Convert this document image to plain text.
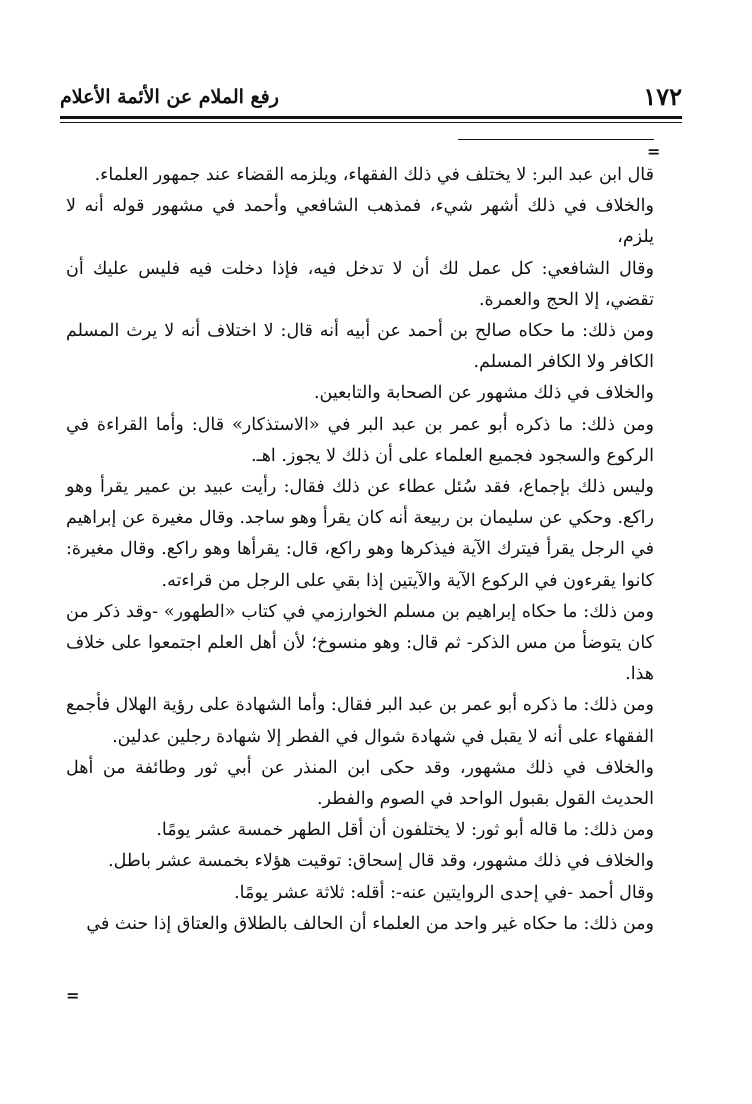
١٧٢
رفع الملام عن الأئمة الأعلام
=

قال ابن عبد البر: لا يختلف في ذلك الفقهاء، ويلزمه القضاء عند جمهور العلماء.

والخلاف في ذلك أشهر شيء، فمذهب الشافعي وأحمد في مشهور قوله أنه لا يلزم،

وقال الشافعي: كل عمل لك أن لا تدخل فيه، فإذا دخلت فيه فليس عليك أن تقضي، إلا الحج والعمرة.

ومن ذلك: ما حكاه صالح بن أحمد عن أبيه أنه قال: لا اختلاف أنه لا يرث المسلم الكافر ولا الكافر المسلم.

والخلاف في ذلك مشهور عن الصحابة والتابعين.

ومن ذلك: ما ذكره أبو عمر بن عبد البر في «الاستذكار» قال: وأما القراءة في الركوع والسجود فجميع العلماء على أن ذلك لا يجوز. اهـ.

وليس ذلك بإجماع، فقد سُئل عطاء عن ذلك فقال: رأيت عبيد بن عمير يقرأ وهو راكع. وحكي عن سليمان بن ربيعة أنه كان يقرأ وهو ساجد. وقال مغيرة عن إبراهيم في الرجل يقرأ فيترك الآية فيذكرها وهو راكع، قال: يقرأها وهو راكع. وقال مغيرة: كانوا يقرءون في الركوع الآية والآيتين إذا بقي على الرجل من قراءته.

ومن ذلك: ما حكاه إبراهيم بن مسلم الخوارزمي في كتاب «الطهور» -وقد ذكر من كان يتوضأ من مس الذكر- ثم قال: وهو منسوخ؛ لأن أهل العلم اجتمعوا على خلاف هذا.

ومن ذلك: ما ذكره أبو عمر بن عبد البر فقال: وأما الشهادة على رؤية الهلال فأجمع الفقهاء على أنه لا يقبل في شهادة شوال في الفطر إلا شهادة رجلين عدلين.

والخلاف في ذلك مشهور، وقد حكى ابن المنذر عن أبي ثور وطائفة من أهل الحديث القول بقبول الواحد في الصوم والفطر.

ومن ذلك: ما قاله أبو ثور: لا يختلفون أن أقل الطهر خمسة عشر يومًا.

والخلاف في ذلك مشهور، وقد قال إسحاق: توقيت هؤلاء بخمسة عشر باطل.

وقال أحمد -في إحدى الروايتين عنه-: أقله: ثلاثة عشر يومًا.

ومن ذلك: ما حكاه غير واحد من العلماء أن الحالف بالطلاق والعتاق إذا حنث في

=
